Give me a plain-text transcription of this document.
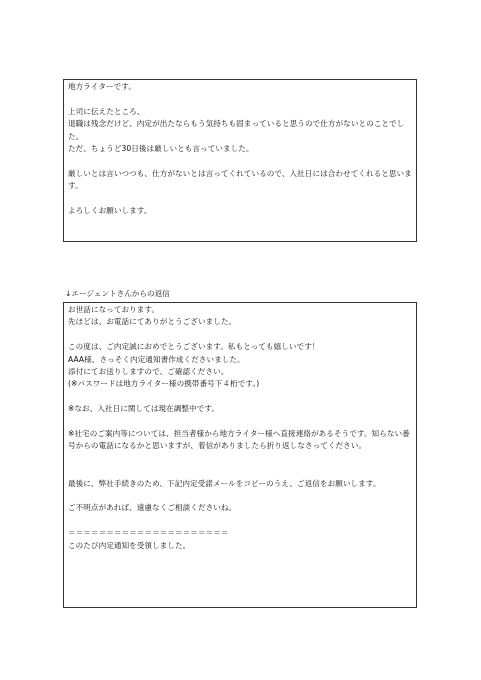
地方ライターです。

上司に伝えたところ、

退職は残念だけど、内定が出たならもう気持ちも固まっていると思うので仕方がないとのことでした。

ただ、ちょうど30日後は厳しいとも言っていました。

厳しいとは言いつつも、仕方がないとは言ってくれているので、入社日には合わせてくれると思います。

よろしくお願いします。

↓エージェントさんからの返信

お世話になっております。

先ほどは、お電話にてありがとうございました。

この度は、ご内定誠におめでとうございます。私もとっても嬉しいです！

AAA様、さっそく内定通知書作成くださいました。

添付にてお送りしますので、ご確認ください。

(※パスワードは地方ライター様の携帯番号下４桁です。)

※なお、入社日に関しては現在調整中です。

※社宅のご案内等については、担当者様から地方ライター様へ直接連絡があるそうです。知らない番号からの電話になるかと思いますが、着信がありましたら折り返しなさってください。

最後に、弊社手続きのため、下記内定受諾メールをコピーのうえ、ご返信をお願いします。

ご不明点があれば、遠慮なくご相談くださいね。

＝＝＝＝＝＝＝＝＝＝＝＝＝＝＝＝＝＝＝＝＝

このたび内定通知を受領しました。
